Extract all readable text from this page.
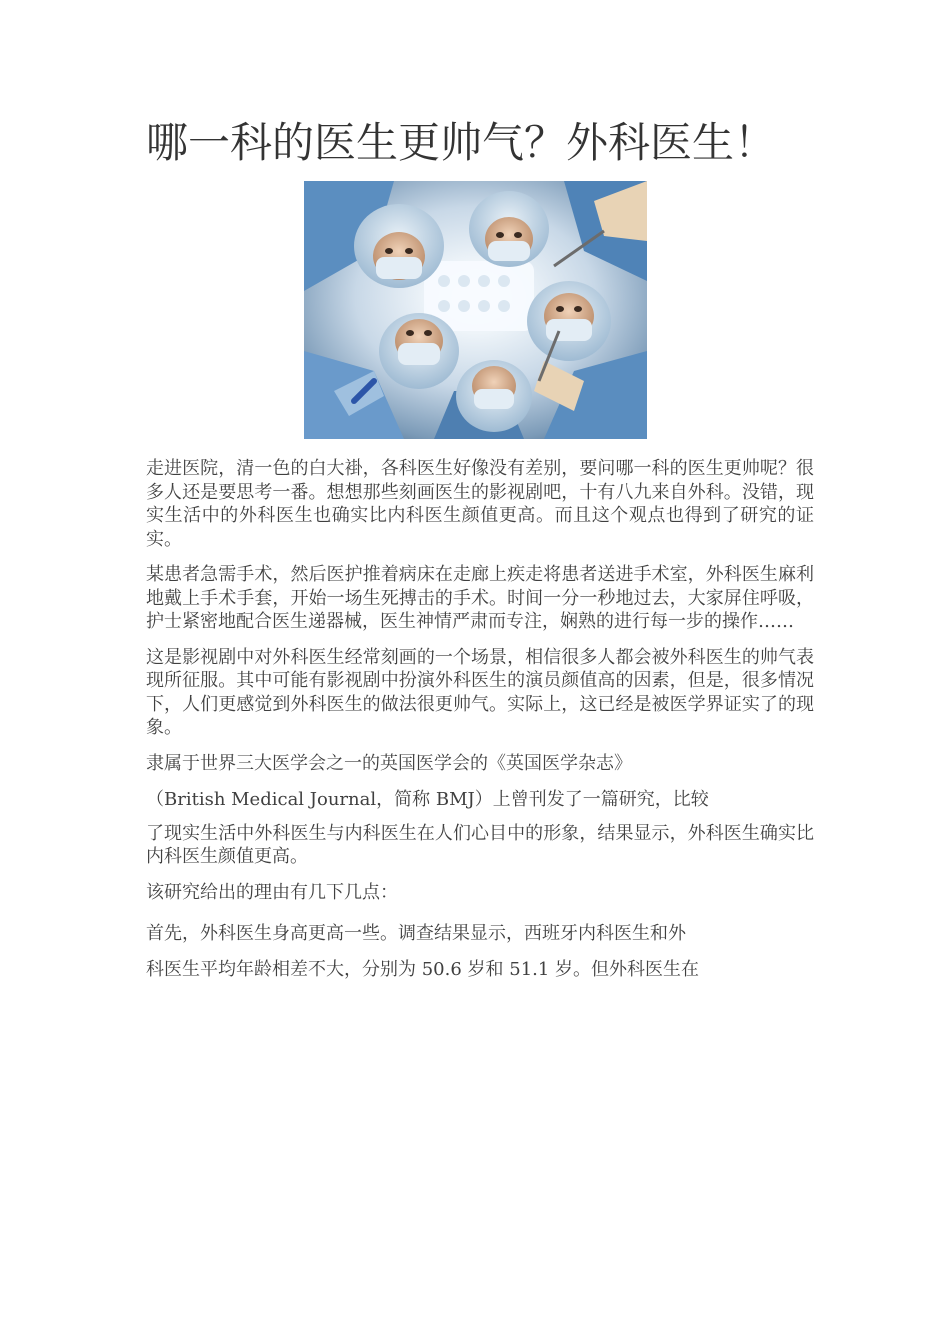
哪一科的医生更帅气？外科医生！

走进医院，清一色的白大褂，各科医生好像没有差别，要问哪一科的医生更帅呢？很多人还是要思考一番。想想那些刻画医生的影视剧吧，十有八九来自外科。没错，现实生活中的外科医生也确实比内科医生颜值更高。而且这个观点也得到了研究的证实。

某患者急需手术，然后医护推着病床在走廊上疾走将患者送进手术室，外科医生麻利地戴上手术手套，开始一场生死搏击的手术。时间一分一秒地过去，大家屏住呼吸，护士紧密地配合医生递器械，医生神情严肃而专注，娴熟的进行每一步的操作……

这是影视剧中对外科医生经常刻画的一个场景，相信很多人都会被外科医生的帅气表现所征服。其中可能有影视剧中扮演外科医生的演员颜值高的因素，但是，很多情况下，人们更感觉到外科医生的做法很更帅气。实际上，这已经是被医学界证实了的现象。

隶属于世界三大医学会之一的英国医学会的《英国医学杂志》

（British Medical Journal，简称 BMJ）上曾刊发了一篇研究，比较

了现实生活中外科医生与内科医生在人们心目中的形象，结果显示，外科医生确实比内科医生颜值更高。

该研究给出的理由有几下几点：

首先，外科医生身高更高一些。调查结果显示，西班牙内科医生和外

科医生平均年龄相差不大，分别为 50.6 岁和 51.1 岁。但外科医生在
